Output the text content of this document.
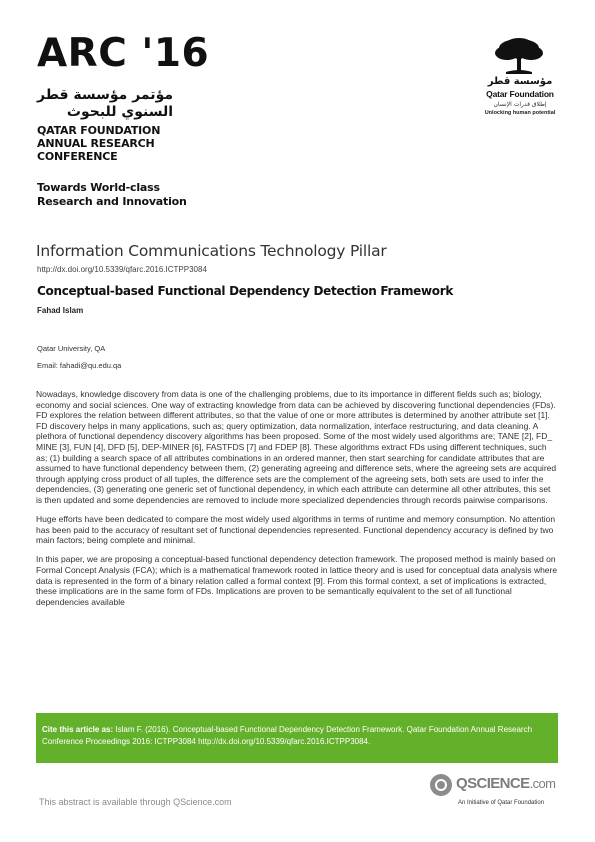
ARC '16
مؤتمر مؤسسة قطر
السنوي للبحوث
QATAR FOUNDATION
ANNUAL RESEARCH
CONFERENCE
Towards World-class
Research and Innovation
مؤسسة قطر
Qatar Foundation
إطلاق قدرات الإنسان
Unlocking human potential
Information Communications Technology Pillar
http://dx.doi.org/10.5339/qfarc.2016.ICTPP3084
Conceptual-based Functional Dependency Detection Framework
Fahad Islam
Qatar University, QA
Email: fahadi@qu.edu.qa

Nowadays, knowledge discovery from data is one of the challenging problems, due to its importance in different fields such as; biology, economy and social sciences. One way of extracting knowledge from data can be achieved by discovering functional dependencies (FDs). FD explores the relation between different attributes, so that the value of one or more attributes is determined by another attribute set [1]. FD discovery helps in many applications, such as; query optimization, data normalization, interface restructuring, and data cleaning. A plethora of functional dependency discovery algorithms has been proposed. Some of the most widely used algorithms are; TANE [2], FD_ MINE [3], FUN [4], DFD [5], DEP-MINER [6], FASTFDS [7] and FDEP [8]. These algorithms extract FDs using different techniques, such as; (1) building a search space of all attributes combinations in an ordered manner, then start searching for candidate attributes that are assumed to have functional dependency between them, (2) generating agreeing and difference sets, where the agreeing sets are acquired through applying cross product of all tuples, the difference sets are the complement of the agreeing sets, both sets are used to infer the dependencies, (3) generating one generic set of functional dependency, in which each attribute can determine all other attributes, this set is then updated and some dependencies are removed to include more specialized dependencies through records pairwise comparisons.

Huge efforts have been dedicated to compare the most widely used algorithms in terms of runtime and memory consumption. No attention has been paid to the accuracy of resultant set of functional dependencies represented. Functional dependency accuracy is defined by two main factors; being complete and minimal.

In this paper, we are proposing a conceptual-based functional dependency detection framework. The proposed method is mainly based on Formal Concept Analysis (FCA); which is a mathematical framework rooted in lattice theory and is used for conceptual data analysis where data is represented in the form of a binary relation called a formal context [9]. From this formal context, a set of implications is extracted, these implications are in the same form of FDs. Implications are proven to be semantically equivalent to the set of all functional dependencies available

Cite this article as: Islam F. (2016). Conceptual-based Functional Dependency Detection Framework. Qatar Foundation Annual Research Conference Proceedings 2016: ICTPP3084 http://dx.doi.org/10.5339/qfarc.2016.ICTPP3084.
This abstract is available through QScience.com
QSCIENCE.com
An Initiative of Qatar Foundation
